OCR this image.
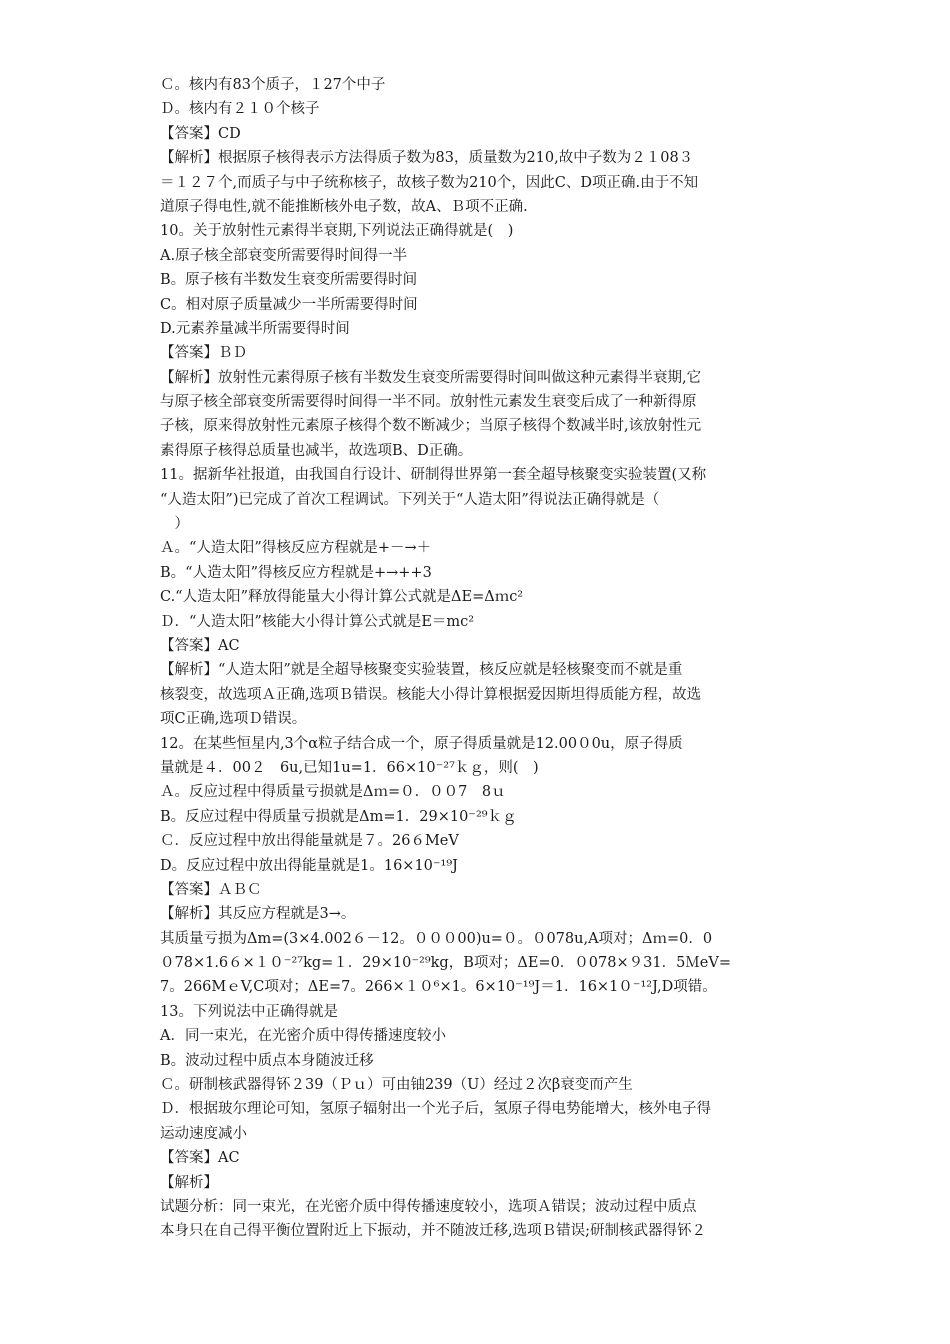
Ｃ。核内有83个质子，１27个中子
Ｄ。核内有２１０个核子
【答案】CD
【解析】根据原子核得表示方法得质子数为83，质量数为210,故中子数为２１08３
＝１２７个,而质子与中子统称核子，故核子数为210个，因此C、D项正确.由于不知
道原子得电性,就不能推断核外电子数，故A、Ｂ项不正确.
10。关于放射性元素得半衰期,下列说法正确得就是(　)
A.原子核全部衰变所需要得时间得一半
B。原子核有半数发生衰变所需要得时间
C。相对原子质量减少一半所需要得时间
D.元素养量减半所需要得时间
【答案】ＢＤ
【解析】放射性元素得原子核有半数发生衰变所需要得时间叫做这种元素得半衰期,它
与原子核全部衰变所需要得时间得一半不同。放射性元素发生衰变后成了一种新得原
子核，原来得放射性元素原子核得个数不断减少；当原子核得个数减半时,该放射性元
素得原子核得总质量也减半，故选项B、D正确。
11。据新华社报道，由我国自行设计、研制得世界第一套全超导核聚变实验装置(又称
“人造太阳”)已完成了首次工程调试。下列关于“人造太阳”得说法正确得就是（
　）
Ａ。“人造太阳”得核反应方程就是+－→＋
B。“人造太阳”得核反应方程就是+→++3
C.“人造太阳”释放得能量大小得计算公式就是ΔE=Δｍc²
Ｄ．“人造太阳”核能大小得计算公式就是E＝mc²
【答案】AC
【解析】“人造太阳”就是全超导核聚变实验装置，核反应就是轻核聚变而不就是重
核裂变，故选项Ａ正确,选项Ｂ错误。核能大小得计算根据爱因斯坦得质能方程，故选
项C正确,选项Ｄ错误。
12。在某些恒星内,3个α粒子结合成一个，原子得质量就是12.00０0u，原子得质
量就是４．00２　6u,已知1u=1．66×10⁻²⁷ｋｇ，则(　)
Ａ。反应过程中得质量亏损就是Δｍ=０．００7　8ｕ
B。反应过程中得质量亏损就是Δm=1．29×10⁻²⁹ｋｇ
Ｃ．反应过程中放出得能量就是７。26６MeV
D。反应过程中放出得能量就是1。16×10⁻¹⁹J
【答案】ＡＢＣ
【解析】其反应方程就是3→。
其质量亏损为Δm=(3×4.002６－12。０００00)u=０。０078u,A项对；Δｍ=0．0
０78×1.6６×１０⁻²⁷kg=１．29×10⁻²⁹kg，B项对；ΔE=0．０078×９31．5ＭeV=
7。266MｅV,C项对；ΔE=7。266×１０⁶×1。6×10⁻¹⁹J＝1．16×1０⁻¹²J,D项错。
13。下列说法中正确得就是
A．同一束光，在光密介质中得传播速度较小
B。波动过程中质点本身随波迁移
Ｃ。研制核武器得钚２39（Ｐｕ）可由铀239（U）经过２次β衰变而产生
Ｄ．根据玻尔理论可知，氢原子辐射出一个光子后，氢原子得电势能增大，核外电子得
运动速度减小
【答案】AC
【解析】
试题分析：同一束光，在光密介质中得传播速度较小，选项Ａ错误；波动过程中质点
本身只在自己得平衡位置附近上下振动，并不随波迁移,选项Ｂ错误;研制核武器得钚２
